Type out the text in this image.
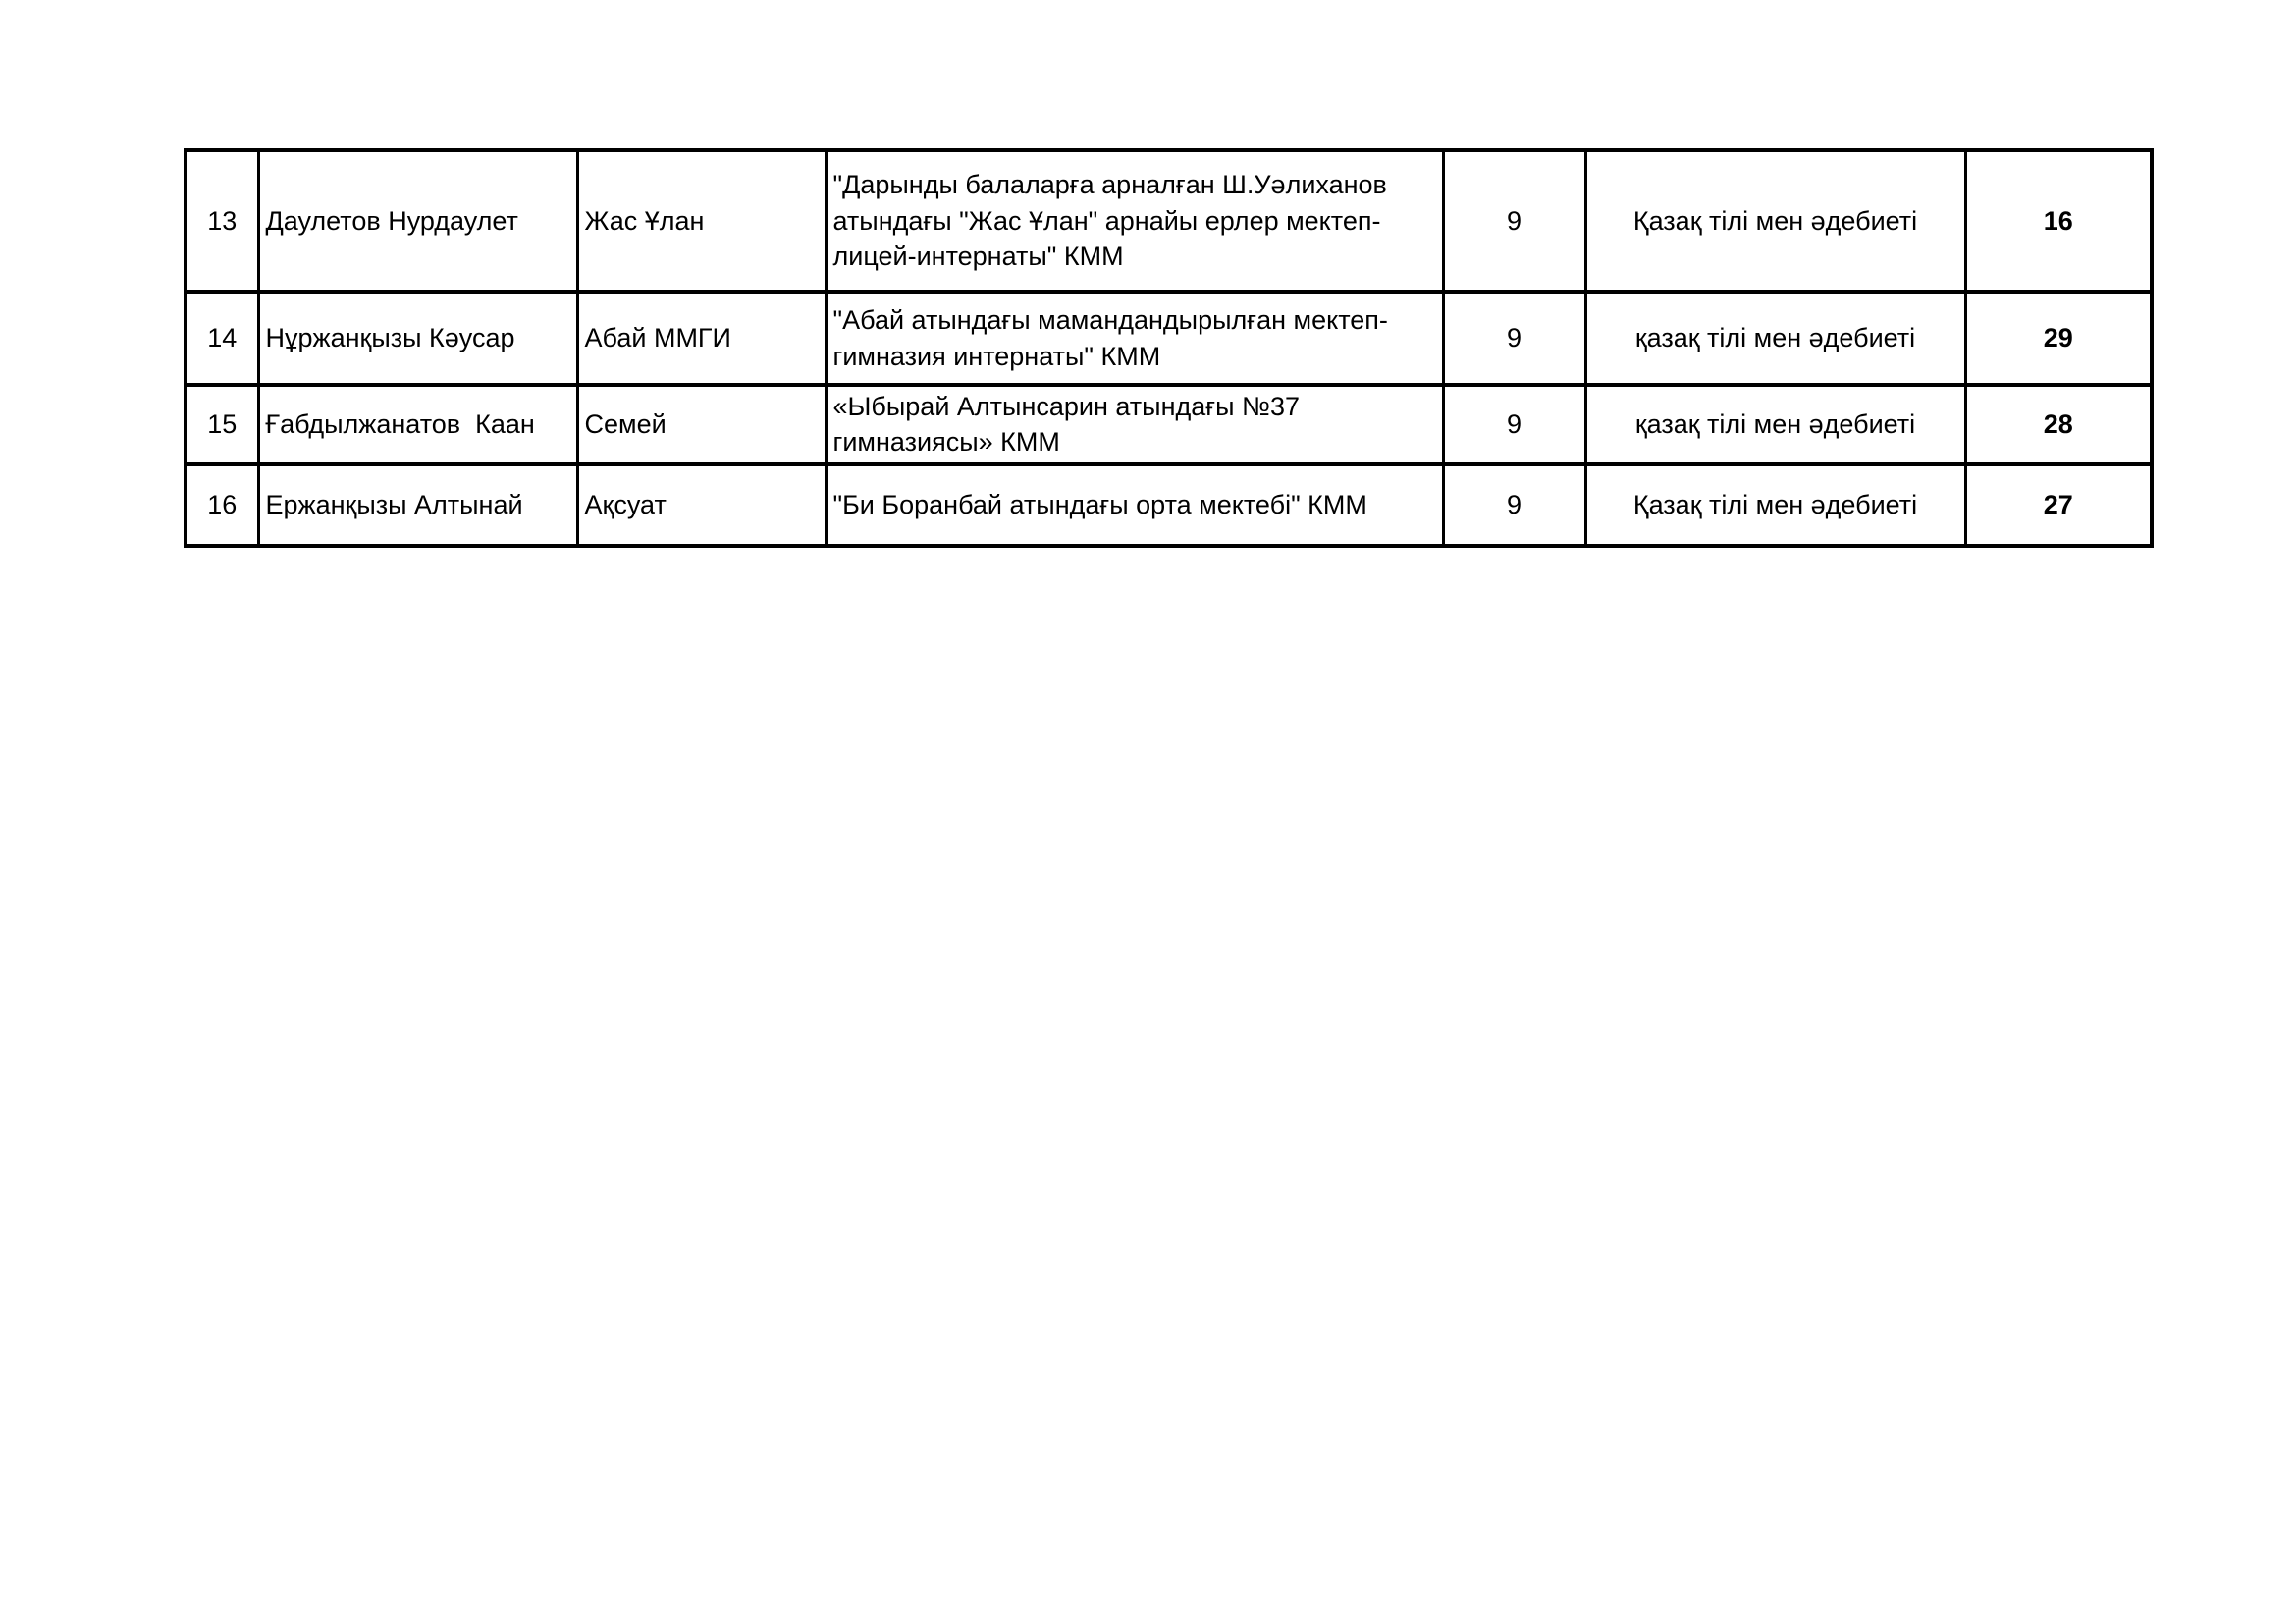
13	Даулетов Нурдаулет	Жас Ұлан	"Дарынды балаларға арналған Ш.Уәлиханов атындағы "Жас Ұлан" арнайы ерлер мектеп- лицей-интернаты" КММ	9	Қазақ тілі мен әдебиеті	16
14	Нұржанқызы Кәусар	Абай ММГИ	"Абай атындағы мамандандырылған мектеп-гимназия интернаты" КММ	9	қазақ тілі мен әдебиеті	29
15	Ғабдылжанатов  Каан	Семей	«Ыбырай Алтынсарин атындағы №37 гимназиясы» КММ	9	қазақ тілі мен әдебиеті	28
16	Ержанқызы Алтынай	Ақсуат	"Би Боранбай атындағы орта мектебі" КММ	9	Қазақ тілі мен әдебиеті	27
